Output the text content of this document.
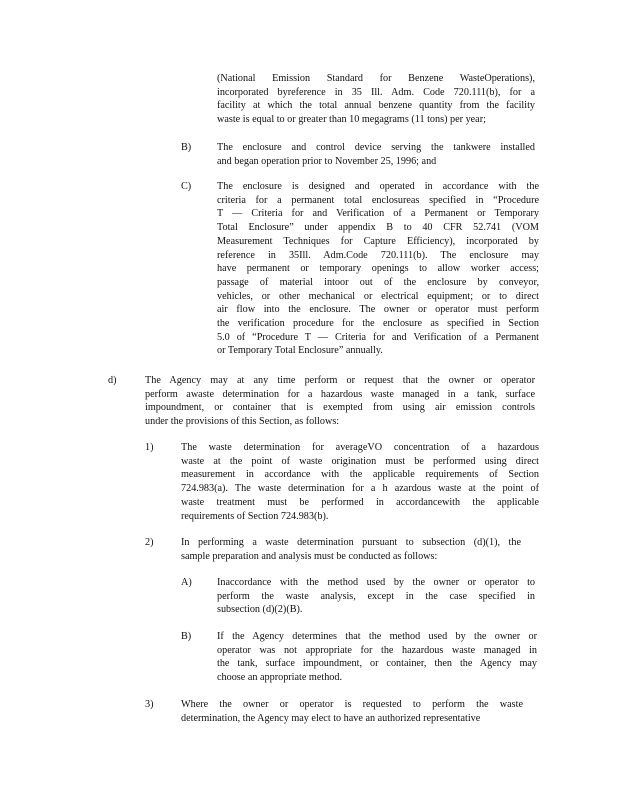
(National Emission Standard for Benzene WasteOperations),
incorporated byreference in 35 Ill. Adm. Code 720.111(b), for a
facility at which the total annual benzene quantity from the facility
waste is equal to or greater than 10 megagrams (11 tons) per year;
B)	The enclosure and control device serving the tankwere installed
and began operation prior to November 25, 1996; and
C)	The enclosure is designed and operated in accordance with the
criteria for a permanent total enclosureas specified in “Procedure
T — Criteria for and Verification of a Permanent or Temporary
Total Enclosure” under appendix B to 40 CFR 52.741 (VOM
Measurement Techniques for Capture Efficiency), incorporated by
reference in 35Ill. Adm.Code 720.111(b). The enclosure may
have permanent or temporary openings to allow worker access;
passage of material intoor out of the enclosure by conveyor,
vehicles, or other mechanical or electrical equipment; or to direct
air flow into the enclosure. The owner or operator must perform
the verification procedure for the enclosure as specified in Section
5.0 of “Procedure T — Criteria for and Verification of a Permanent
or Temporary Total Enclosure” annually.
d)	The Agency may at any time perform or request that the owner or operator
perform awaste determination for a hazardous waste managed in a tank, surface
impoundment, or container that is exempted from using air emission controls
under the provisions of this Section, as follows:
1)	The waste determination for averageVO concentration of a hazardous
waste at the point of waste origination must be performed using direct
measurement in accordance with the applicable requirements of Section
724.983(a). The waste determination for a h azardous waste at the point of
waste treatment must be performed in accordancewith the applicable
requirements of Section 724.983(b).
2)	In performing a waste determination pursuant to subsection (d)(1), the
sample preparation and analysis must be conducted as follows:
A) Inaccordance with the method used by the owner or operator to
perform the waste analysis, except in the case specified in
subsection (d)(2)(B).
B)	If the Agency determines that the method used by the owner or
operator was not appropriate for the hazardous waste managed in
the tank, surface impoundment, or container, then the Agency may
choose an appropriate method.
3)	Where the owner or operator is requested to perform the waste
determination, the Agency may elect to have an authorized representative
